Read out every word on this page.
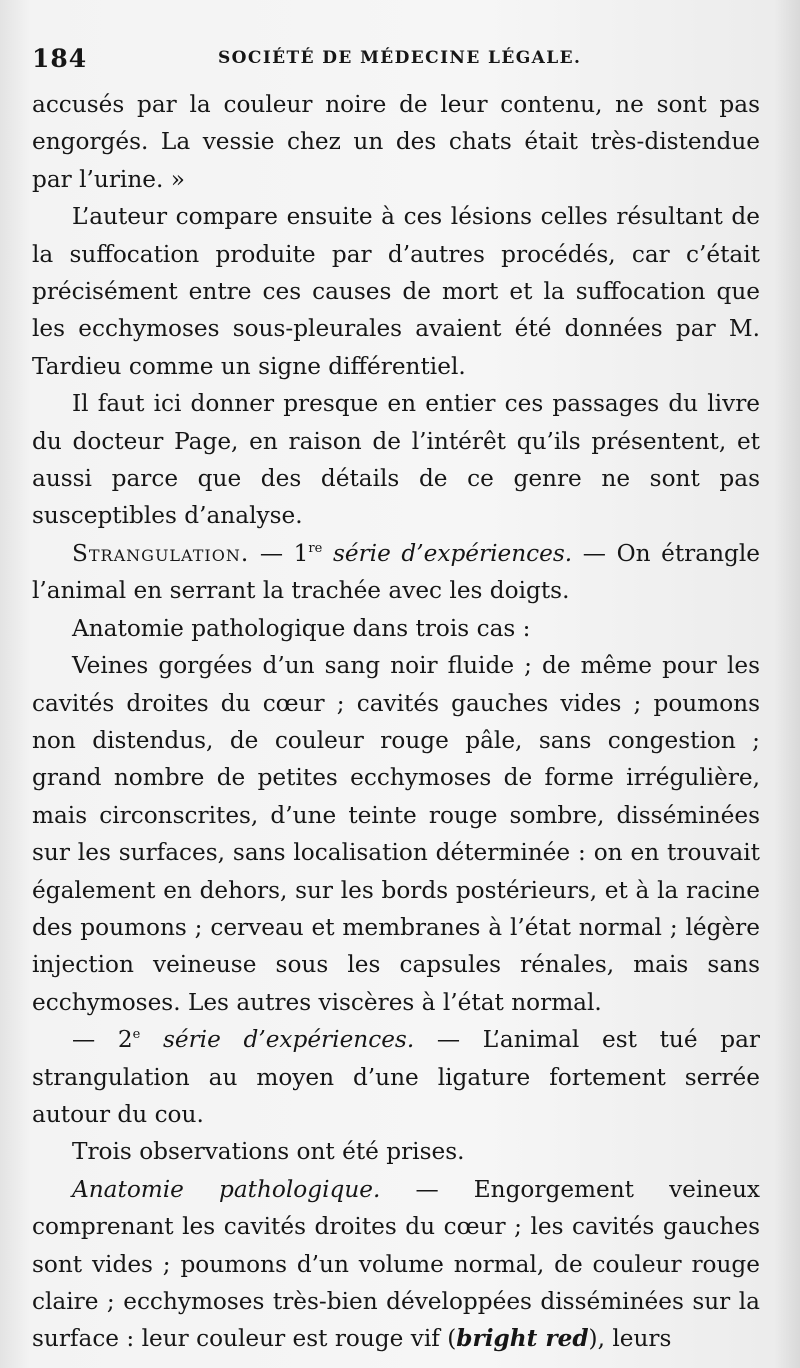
184	SOCIÉTÉ DE MÉDECINE LÉGALE.

accusés par la couleur noire de leur contenu, ne sont pas engorgés. La vessie chez un des chats était très-distendue par l’urine. »

L’auteur compare ensuite à ces lésions celles résultant de la suffocation produite par d’autres procédés, car c’était précisément entre ces causes de mort et la suffocation que les ecchymoses sous-pleurales avaient été données par M. Tardieu comme un signe différentiel.

Il faut ici donner presque en entier ces passages du livre du docteur Page, en raison de l’intérêt qu’ils présentent, et aussi parce que des détails de ce genre ne sont pas susceptibles d’analyse.

Strangulation. — 1re série d’expériences. — On étrangle l’animal en serrant la trachée avec les doigts.

Anatomie pathologique dans trois cas :

Veines gorgées d’un sang noir fluide ; de même pour les cavités droites du cœur ; cavités gauches vides ; poumons non distendus, de couleur rouge pâle, sans congestion ; grand nombre de petites ecchymoses de forme irrégulière, mais circonscrites, d’une teinte rouge sombre, disséminées sur les surfaces, sans localisation déterminée : on en trouvait également en dehors, sur les bords postérieurs, et à la racine des poumons ; cerveau et membranes à l’état normal ; légère injection veineuse sous les capsules rénales, mais sans ecchymoses. Les autres viscères à l’état normal.

— 2e série d’expériences. — L’animal est tué par strangulation au moyen d’une ligature fortement serrée autour du cou.

Trois observations ont été prises.

Anatomie pathologique. — Engorgement veineux comprenant les cavités droites du cœur ; les cavités gauches sont vides ; poumons d’un volume normal, de couleur rouge claire ; ecchymoses très-bien développées disséminées sur la surface : leur couleur est rouge vif (bright red), leurs
